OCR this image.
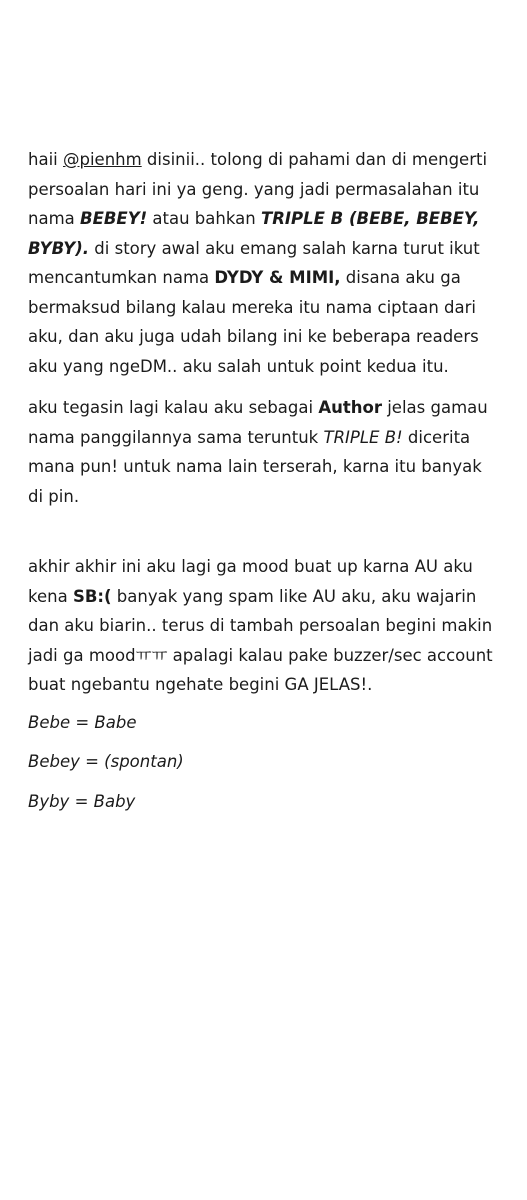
haii @pienhm disinii.. tolong di pahami dan di mengerti persoalan hari ini ya geng. yang jadi permasalahan itu nama BEBEY! atau bahkan TRIPLE B (BEBE, BEBEY, BYBY). di story awal aku emang salah karna turut ikut mencantumkan nama DYDY & MIMI, disana aku ga bermaksud bilang kalau mereka itu nama ciptaan dari aku, dan aku juga udah bilang ini ke beberapa readers aku yang ngeDM.. aku salah untuk point kedua itu.

aku tegasin lagi kalau aku sebagai Author jelas gamau nama panggilannya sama teruntuk TRIPLE B! dicerita mana pun! untuk nama lain terserah, karna itu banyak di pin.

akhir akhir ini aku lagi ga mood buat up karna AU aku kena SB:( banyak yang spam like AU aku, aku wajarin dan aku biarin.. terus di tambah persoalan begini makin jadi ga moodㅠㅠ apalagi kalau pake buzzer/sec account buat ngebantu ngehate begini GA JELAS!.

Bebe = Babe

Bebey = (spontan)

Byby = Baby
